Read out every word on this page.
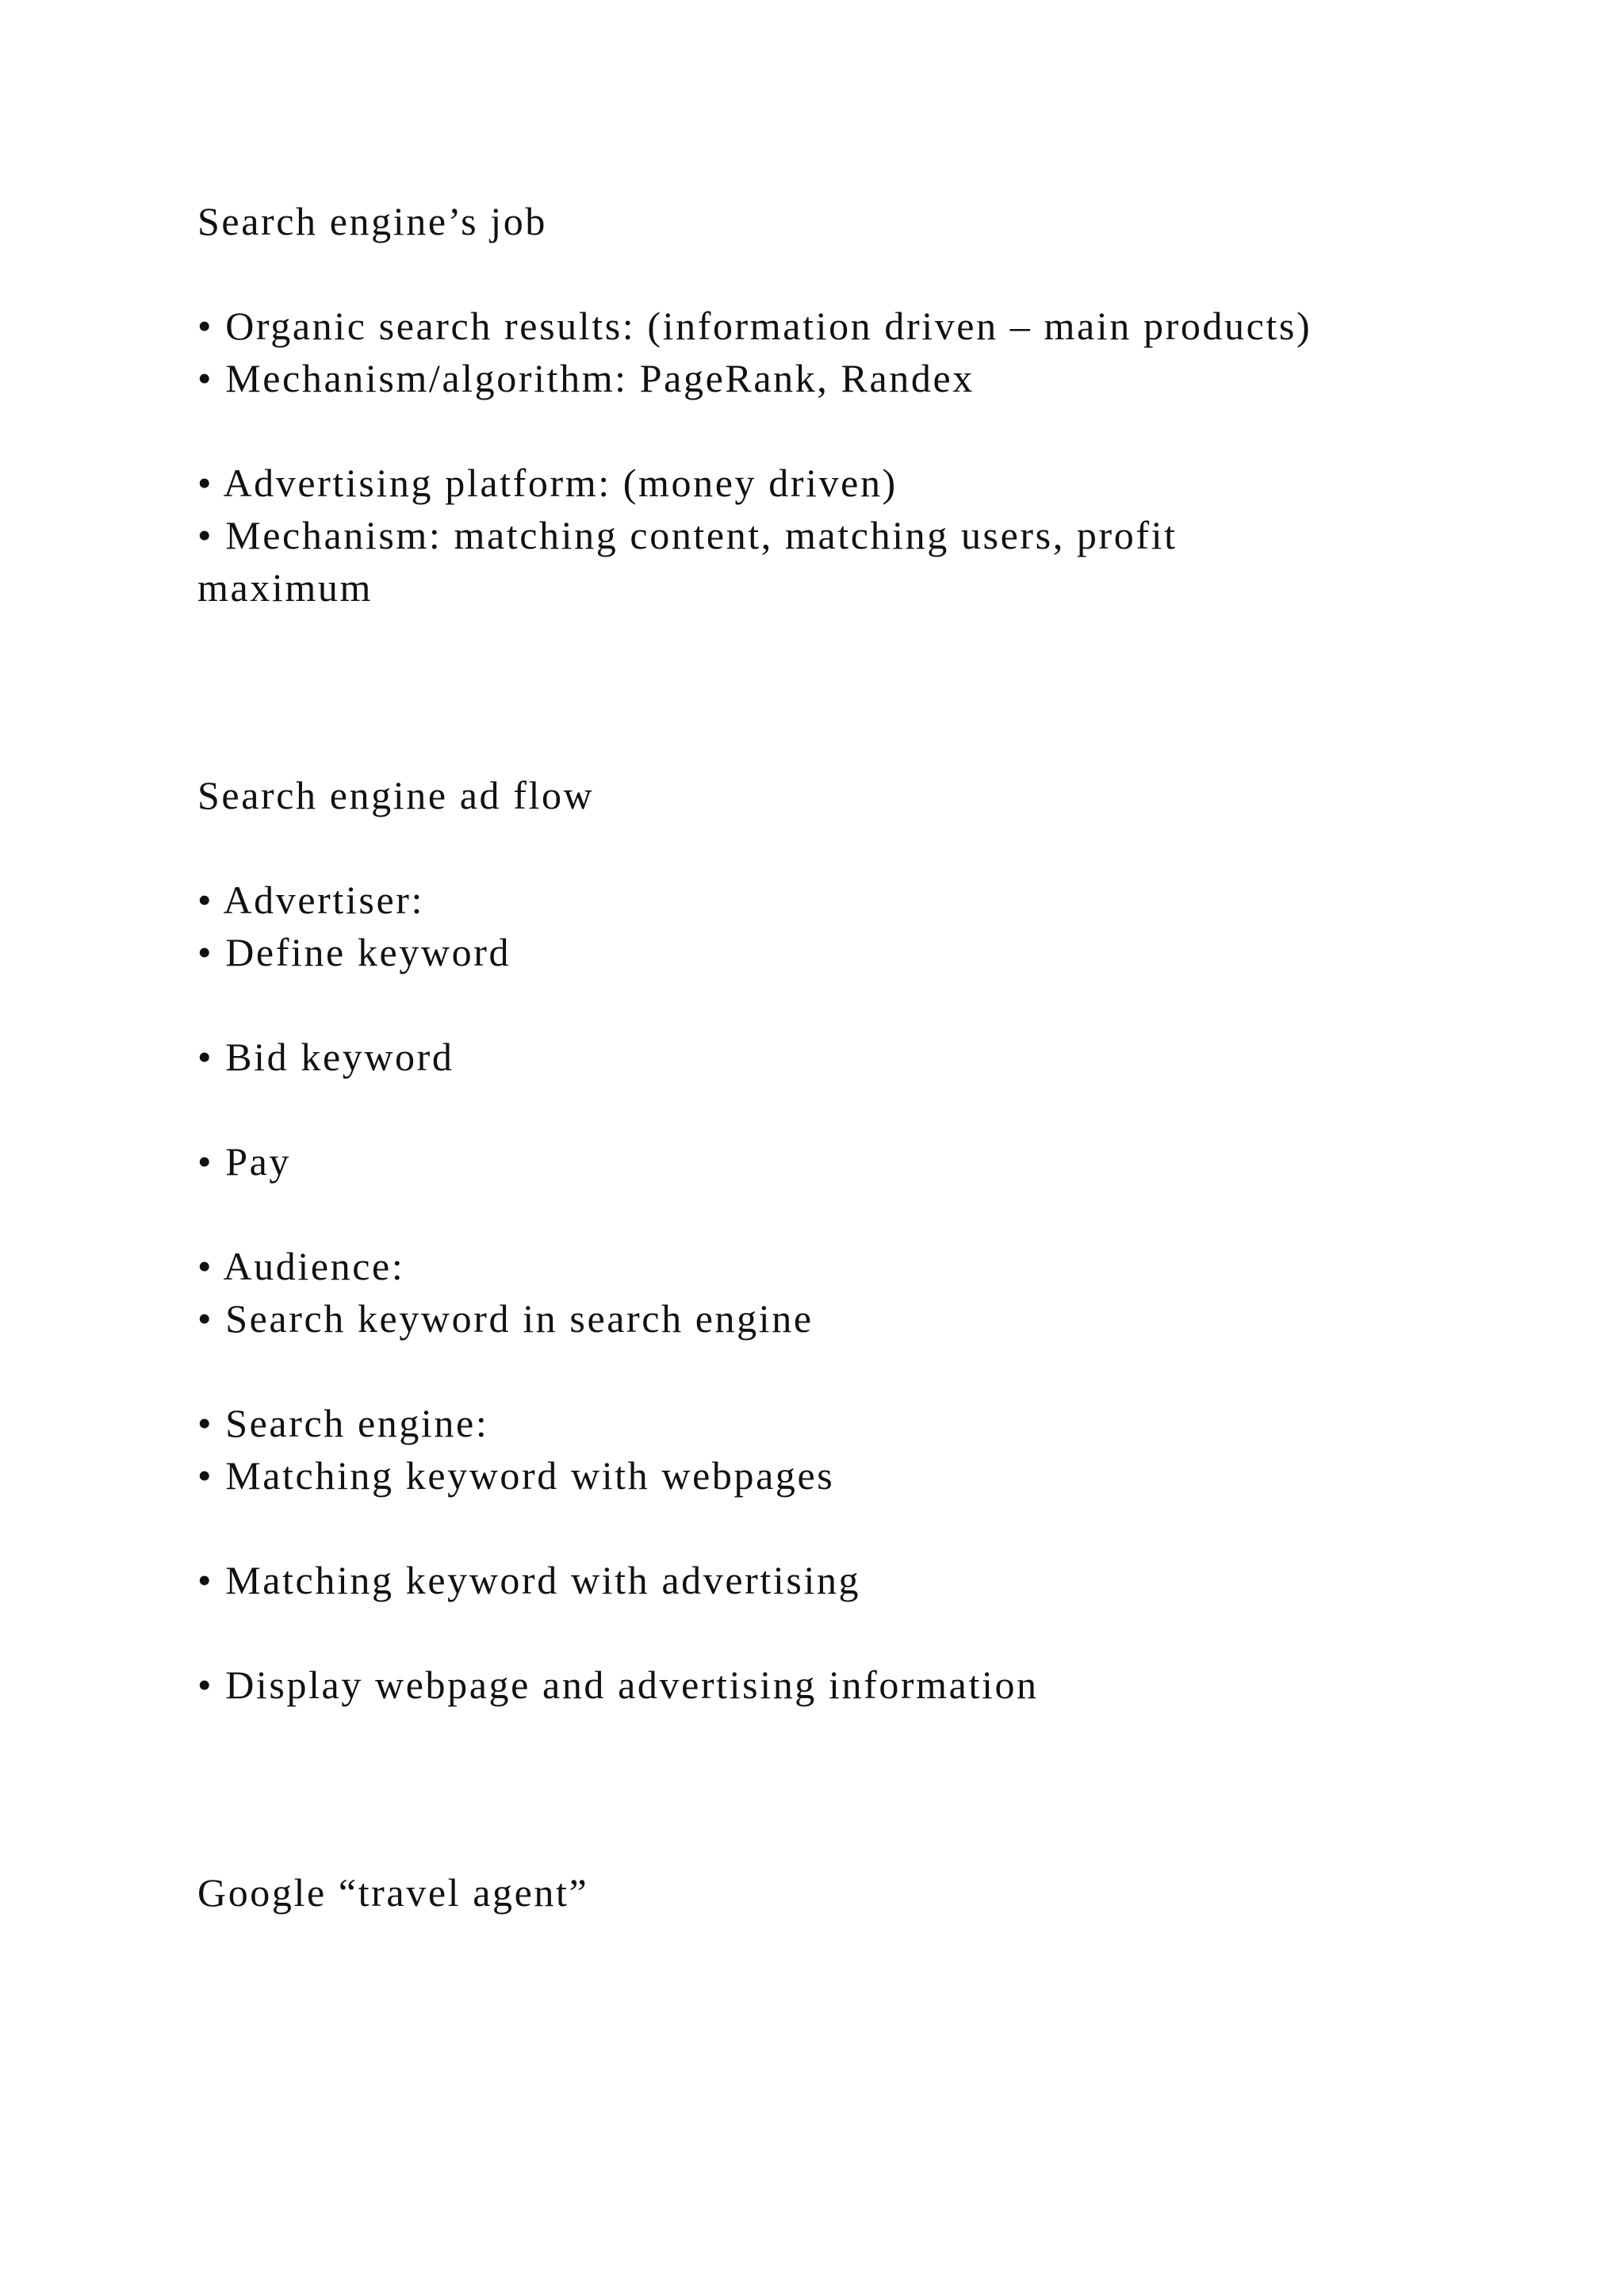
Search engine’s job

• Organic search results: (information driven – main products)

• Mechanism/algorithm: PageRank, Randex

• Advertising platform: (money driven)

• Mechanism: matching content, matching users, profit

maximum

Search engine ad flow

• Advertiser:

• Define keyword

• Bid keyword

• Pay

• Audience:

• Search keyword in search engine

• Search engine:

• Matching keyword with webpages

• Matching keyword with advertising

• Display webpage and advertising information

Google “travel agent”
